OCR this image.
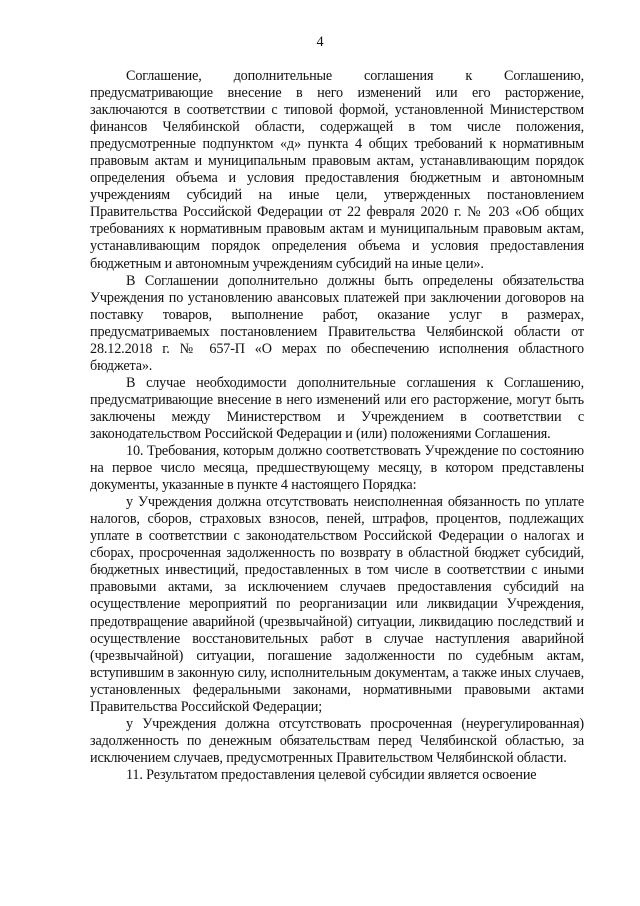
4

Соглашение, дополнительные соглашения к Соглашению, предусматривающие внесение в него изменений или его расторжение, заключаются в соответствии с типовой формой, установленной Министерством финансов Челябинской области, содержащей в том числе положения, предусмотренные подпунктом «д» пункта 4 общих требований к нормативным правовым актам и муниципальным правовым актам, устанавливающим порядок определения объема и условия предоставления бюджетным и автономным учреждениям субсидий на иные цели, утвержденных постановлением Правительства Российской Федерации от 22 февраля 2020 г. № 203 «Об общих требованиях к нормативным правовым актам и муниципальным правовым актам, устанавливающим порядок определения объема и условия предоставления бюджетным и автономным учреждениям субсидий на иные цели».

В Соглашении дополнительно должны быть определены обязательства Учреждения по установлению авансовых платежей при заключении договоров на поставку товаров, выполнение работ, оказание услуг в размерах, предусматриваемых постановлением Правительства Челябинской области от 28.12.2018 г. № 657-П «О мерах по обеспечению исполнения областного бюджета».

В случае необходимости дополнительные соглашения к Соглашению, предусматривающие внесение в него изменений или его расторжение, могут быть заключены между Министерством и Учреждением в соответствии с законодательством Российской Федерации и (или) положениями Соглашения.

10. Требования, которым должно соответствовать Учреждение по состоянию на первое число месяца, предшествующему месяцу, в котором представлены документы, указанные в пункте 4 настоящего Порядка:

у Учреждения должна отсутствовать неисполненная обязанность по уплате налогов, сборов, страховых взносов, пеней, штрафов, процентов, подлежащих уплате в соответствии с законодательством Российской Федерации о налогах и сборах, просроченная задолженность по возврату в областной бюджет субсидий, бюджетных инвестиций, предоставленных в том числе в соответствии с иными правовыми актами, за исключением случаев предоставления субсидий на осуществление мероприятий по реорганизации или ликвидации Учреждения, предотвращение аварийной (чрезвычайной) ситуации, ликвидацию последствий и осуществление восстановительных работ в случае наступления аварийной (чрезвычайной) ситуации, погашение задолженности по судебным актам, вступившим в законную силу, исполнительным документам, а также иных случаев, установленных федеральными законами, нормативными правовыми актами Правительства Российской Федерации;

у Учреждения должна отсутствовать просроченная (неурегулированная) задолженность по денежным обязательствам перед Челябинской областью, за исключением случаев, предусмотренных Правительством Челябинской области.

11. Результатом предоставления целевой субсидии является освоение
